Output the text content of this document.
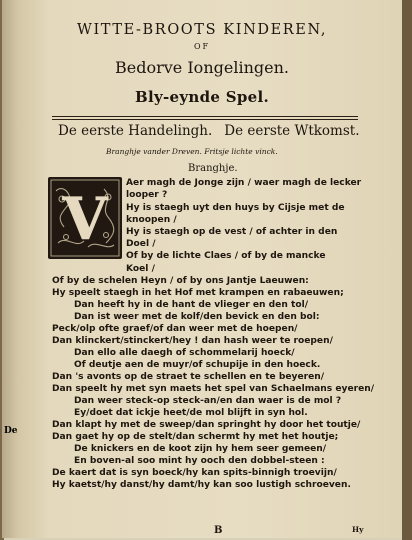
WITTE-BROOTS KINDEREN,
OF
Bedorve Iongelingen.
Bly-eynde Spel.
De eerste Handelingh. De eerste Wtkomst.
Branghje vander Dreven. Fritsje lichte vinck.
Branghje.
V
Aer magh de Jonge zijn / waer magh de lecker
looper ?
Hy is staegh uyt den huys by Cijsje met de
knoopen /
Hy is staegh op de vest / of achter in den
Doel /
Of by de lichte Claes / of by de mancke
Koel /
Of by de schelen Heyn / of by ons Jantje Laeuwen:
Hy speelt staegh in het Hof met krampen en rabaeuwen;
Dan heeft hy in de hant de vlieger en den tol/
Dan ist weer met de kolf/den bevick en den bol:
Peck/olp ofte graef/of dan weer met de hoepen/
Dan klinckert/stinckert/hey ! dan hash weer te roepen/
Dan ello alle daegh of schommelarij hoeck/
Of deutje aen de muyr/of schupije in den hoeck.
Dan 's avonts op de straet te schellen en te beyeren/
Dan speelt hy met syn maets het spel van Schaelmans eyeren/
Dan weer steck-op steck-an/en dan waer is de mol ?
Ey/doet dat ickje heet/de mol blijft in syn hol.
Dan klapt hy met de sweep/dan springht hy door het toutje/
Dan gaet hy op de stelt/dan schermt hy met het houtje;
De knickers en de koot zijn hy hem seer gemeen/
En boven-al soo mint hy ooch den dobbel-steen :
De kaert dat is syn boeck/hy kan spits-binnigh troevijn/
Hy kaetst/hy danst/hy damt/hy kan soo lustigh schroeven.
B	Hy
De
